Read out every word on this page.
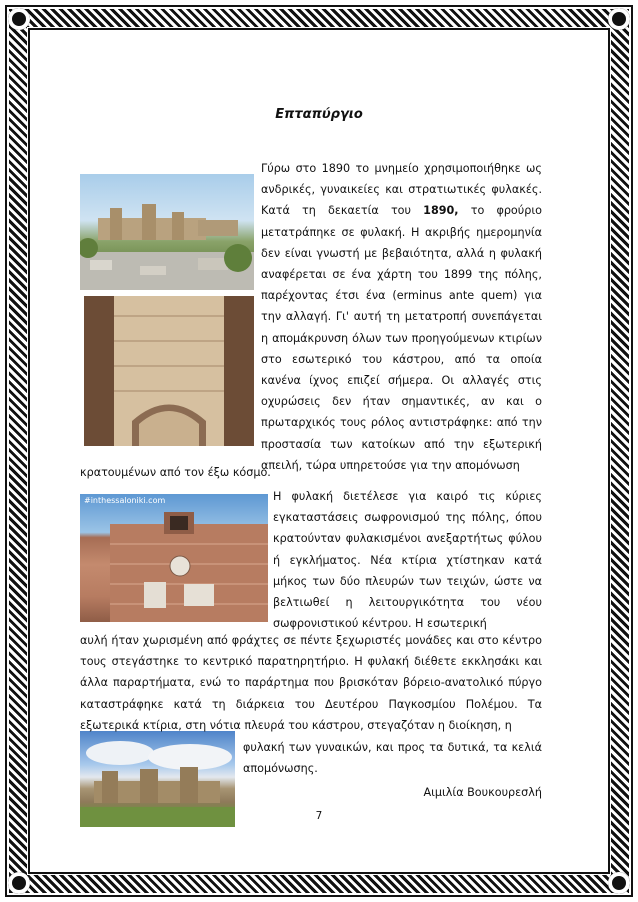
Επταπύργιο
#inthessaloniki.com

Γύρω στο 1890 το μνημείο χρησιμοποιήθηκε ως ανδρικές, γυναικείες και στρατιωτικές φυλακές. Κατά τη δεκαετία του 1890, το φρούριο μετατράπηκε σε φυλακή. Η ακριβής ημερομηνία δεν είναι γνωστή με βεβαιότητα, αλλά η φυλακή αναφέρεται σε ένα χάρτη του 1899 της πόλης, παρέχοντας έτσι ένα (erminus ante quem) για την αλλαγή. Γι' αυτή τη μετατροπή συνεπάγεται η απομάκρυνση όλων των προηγούμενων κτιρίων στο εσωτερικό του κάστρου, από τα οποία κανένα ίχνος επιζεί σήμερα. Οι αλλαγές στις οχυρώσεις δεν ήταν σημαντικές, αν και ο πρωταρχικός τους ρόλος αντιστράφηκε: από την προστασία των κατοίκων από την εξωτερική απειλή, τώρα υπηρετούσε για την απομόνωση

κρατουμένων από τον έξω κόσμο.

Η φυλακή διετέλεσε για καιρό τις κύριες εγκαταστάσεις σωφρονισμού της πόλης, όπου κρατούνταν φυλακισμένοι ανεξαρτήτως φύλου ή εγκλήματος. Νέα κτίρια χτίστηκαν κατά μήκος των δύο πλευρών των τειχών, ώστε να βελτιωθεί η λειτουργικότητα του νέου σωφρονιστικού κέντρου. Η εσωτερική

αυλή ήταν χωρισμένη από φράχτες σε πέντε ξεχωριστές μονάδες και στο κέντρο τους στεγάστηκε το κεντρικό παρατηρητήριο. Η φυλακή διέθετε εκκλησάκι και άλλα παραρτήματα, ενώ το παράρτημα που βρισκόταν βόρειο-ανατολικό πύργο καταστράφηκε κατά τη διάρκεια του Δευτέρου Παγκοσμίου Πολέμου. Τα εξωτερικά κτίρια, στη νότια πλευρά του κάστρου, στεγαζόταν η διοίκηση, η

φυλακή των γυναικών, και προς τα δυτικά, τα κελιά απομόνωσης.

Αιμιλία Βουκουρεσλή
7
